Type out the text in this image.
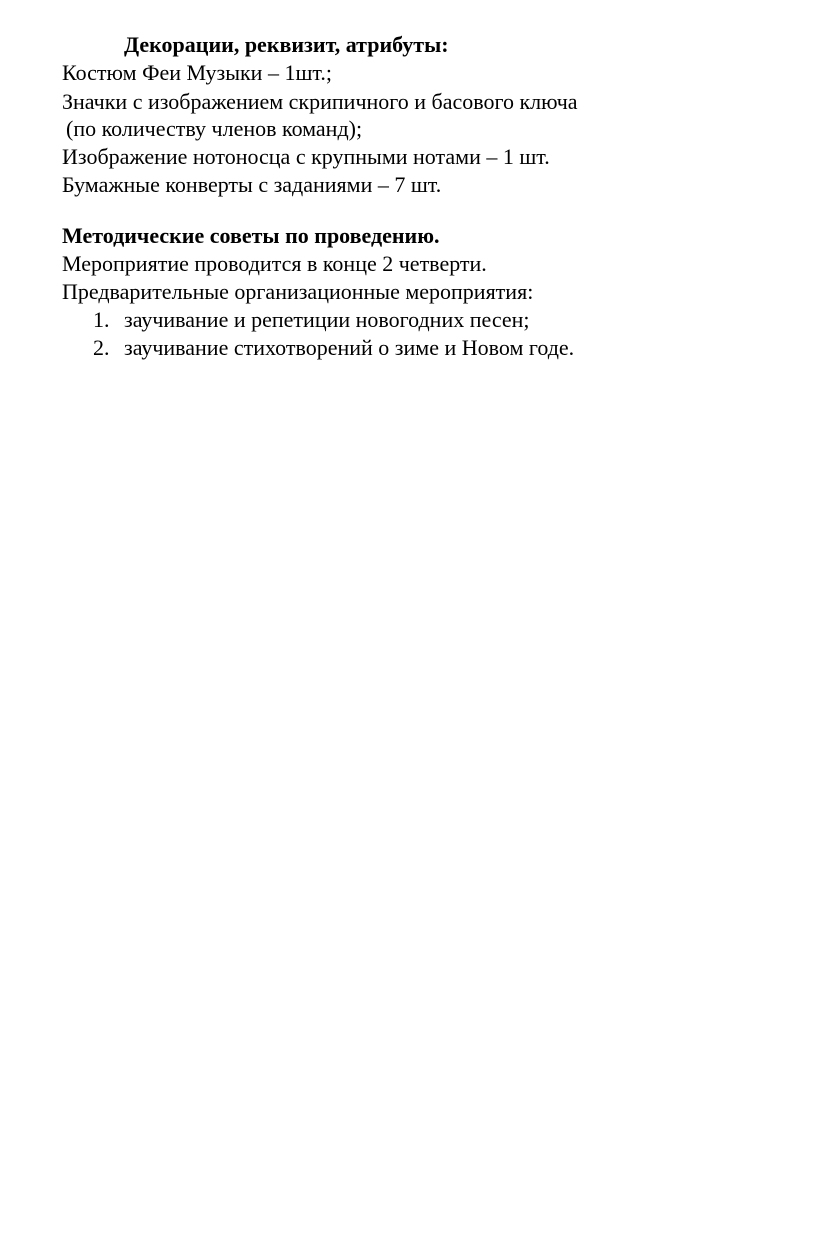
Декорации, реквизит, атрибуты:
Костюм Феи Музыки – 1шт.;
Значки с изображением скрипичного и басового ключа
(по количеству членов команд);
Изображение нотоносца с крупными нотами – 1 шт.
Бумажные конверты с заданиями – 7 шт.
Методические советы по проведению.
Мероприятие проводится в конце 2 четверти.
Предварительные организационные мероприятия:
1. заучивание и репетиции новогодних песен;
2. заучивание стихотворений о зиме и Новом годе.
